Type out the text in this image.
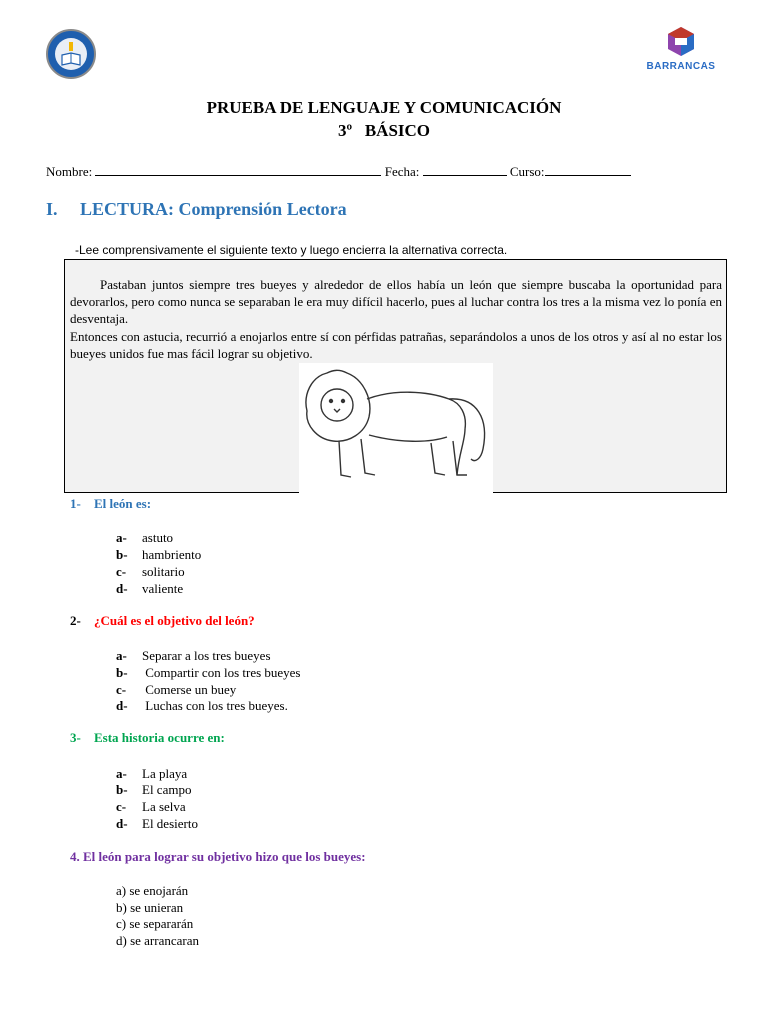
BARRANCAS
PRUEBA DE LENGUAJE Y COMUNICACIÓN
3º   BÁSICO
Nombre:	Fecha:	Curso:
I. LECTURA: Comprensión Lectora
-Lee comprensivamente el siguiente texto y luego encierra la alternativa correcta.
Pastaban juntos siempre tres bueyes y alrededor de ellos había un león que siempre buscaba la oportunidad para devorarlos, pero como nunca se separaban le era muy difícil hacerlo, pues al luchar contra los tres a la misma vez lo ponía en desventaja.
Entonces con astucia, recurrió a enojarlos entre sí con pérfidas patrañas, separándolos a unos de los otros y así al no estar los bueyes unidos fue mas fácil lograr su objetivo.
1- El león es:
a- astuto
b- hambriento
c- solitario
d- valiente
2- ¿Cuál es el objetivo del león?
a- Separar a los tres bueyes
b- Compartir con los tres bueyes
c- Comerse un buey
d- Luchas con los tres bueyes.
3- Esta historia ocurre en:
a- La playa
b- El campo
c- La selva
d- El desierto
4. El león para lograr su objetivo hizo que los bueyes:
a) se enojarán
b) se unieran
c) se separarán
d) se arrancaran
